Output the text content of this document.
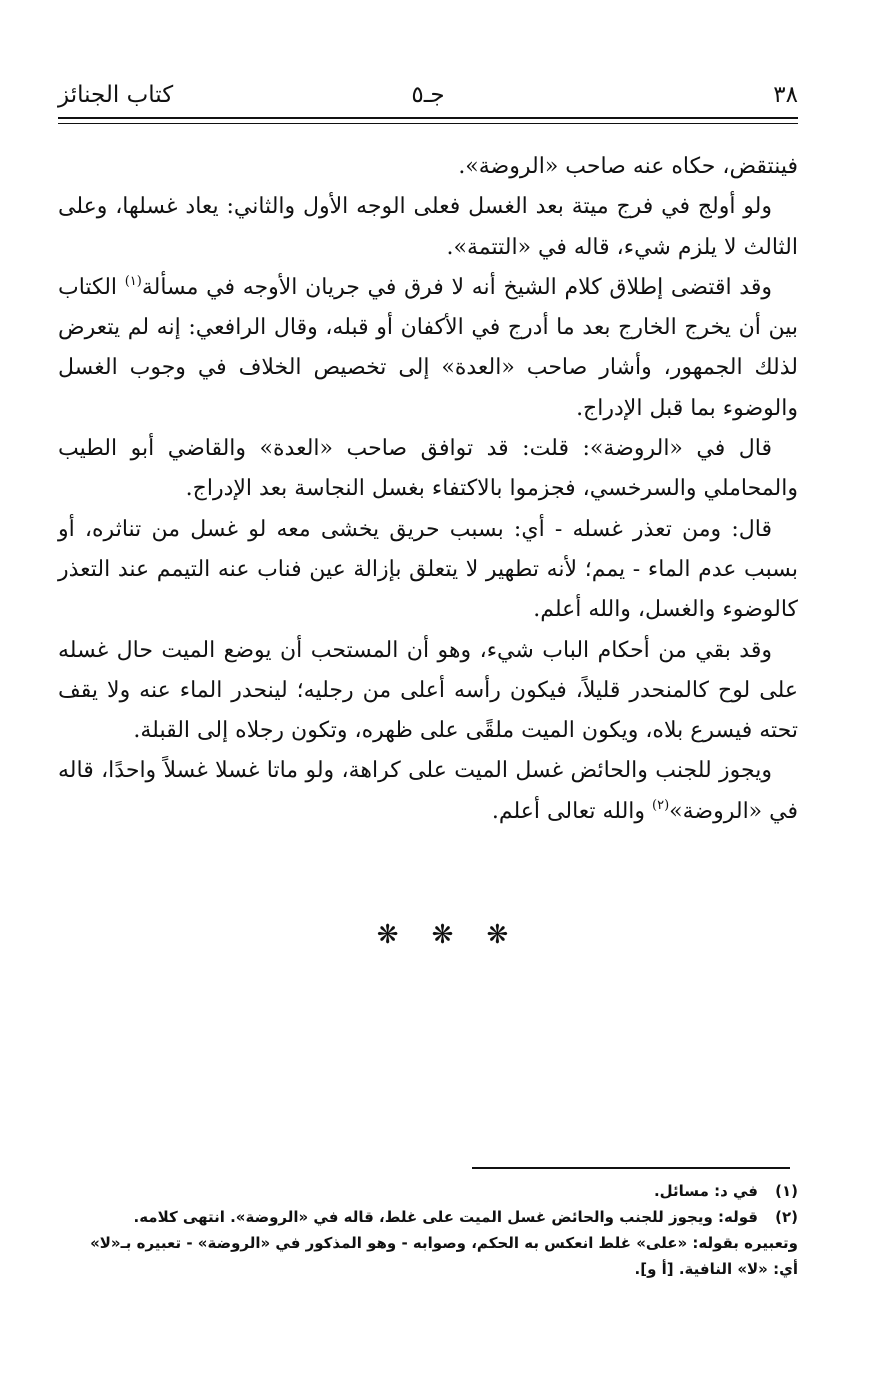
٣٨
جـ٥
كتاب الجنائز

فينتقض، حكاه عنه صاحب «الروضة».

ولو أولج في فرج ميتة بعد الغسل فعلى الوجه الأول والثاني: يعاد غسلها، وعلى الثالث لا يلزم شيء، قاله في «التتمة».

وقد اقتضى إطلاق كلام الشيخ أنه لا فرق في جريان الأوجه في مسألة$^{(١)}$ الكتاب بين أن يخرج الخارج بعد ما أدرج في الأكفان أو قبله، وقال الرافعي: إنه لم يتعرض لذلك الجمهور، وأشار صاحب «العدة» إلى تخصيص الخلاف في وجوب الغسل والوضوء بما قبل الإدراج.

قال في «الروضة»: قلت: قد توافق صاحب «العدة» والقاضي أبو الطيب والمحاملي والسرخسي، فجزموا بالاكتفاء بغسل النجاسة بعد الإدراج.

قال: ومن تعذر غسله - أي: بسبب حريق يخشى معه لو غسل من تناثره، أو بسبب عدم الماء - يمم؛ لأنه تطهير لا يتعلق بإزالة عين فناب عنه التيمم عند التعذر كالوضوء والغسل، والله أعلم.

وقد بقي من أحكام الباب شيء، وهو أن المستحب أن يوضع الميت حال غسله على لوح كالمنحدر قليلاً، فيكون رأسه أعلى من رجليه؛ لينحدر الماء عنه ولا يقف تحته فيسرع بلاه، ويكون الميت ملقًى على ظهره، وتكون رجلاه إلى القبلة.

ويجوز للجنب والحائض غسل الميت على كراهة، ولو ماتا غسلا غسلاً واحدًا، قاله في «الروضة»$^{(٢)}$ والله تعالى أعلم.

❋ ❋ ❋
(١)في د: مسائل.
(٢)قوله: ويجوز للجنب والحائض غسل الميت على غلط، قاله في «الروضة». انتهى كلامه.
وتعبيره بقوله: «على» غلط انعكس به الحكم، وصوابه - وهو المذكور في «الروضة» - تعبيره بـ«لا»
أي: «لا» النافية. [أ و].
